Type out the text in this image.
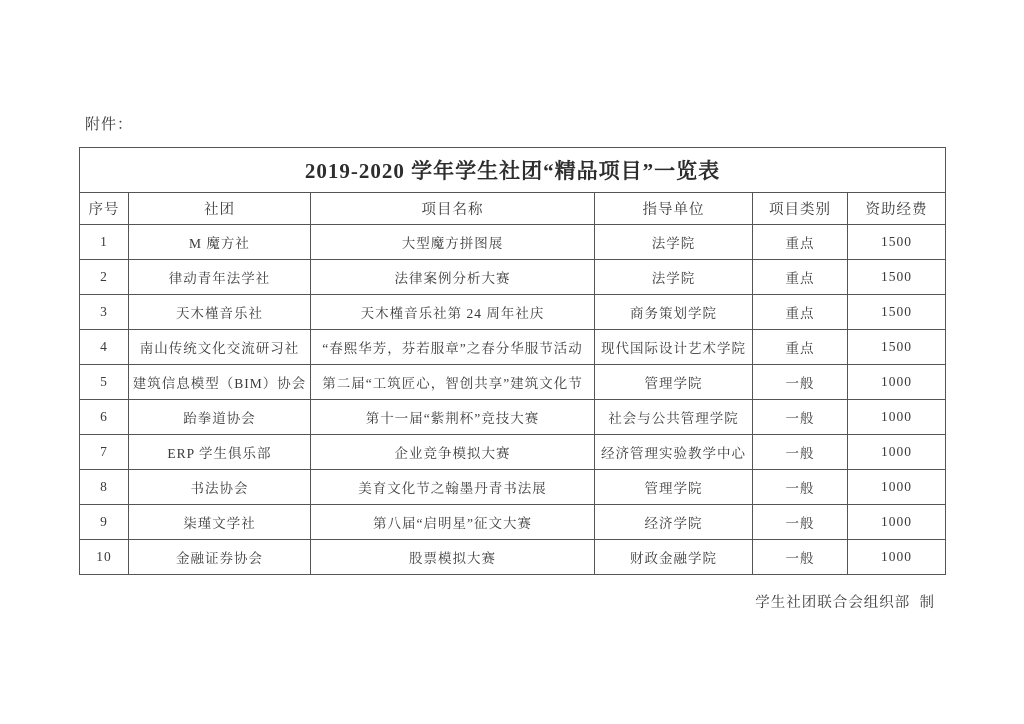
附件：
2019-2020 学年学生社团“精品项目”一览表					
序号	社团	项目名称	指导单位	项目类别	资助经费
1	M 魔方社	大型魔方拼图展	法学院	重点	1500
2	律动青年法学社	法律案例分析大赛	法学院	重点	1500
3	天木槿音乐社	天木槿音乐社第 24 周年社庆	商务策划学院	重点	1500
4	南山传统文化交流研习社	“春熙华芳，芬若服章”之春分华服节活动	现代国际设计艺术学院	重点	1500
5	建筑信息模型（BIM）协会	第二届“工筑匠心，智创共享”建筑文化节	管理学院	一般	1000
6	跆拳道协会	第十一届“紫荆杯”竞技大赛	社会与公共管理学院	一般	1000
7	ERP 学生俱乐部	企业竞争模拟大赛	经济管理实验教学中心	一般	1000
8	书法协会	美育文化节之翰墨丹青书法展	管理学院	一般	1000
9	柒瑾文学社	第八届“启明星”征文大赛	经济学院	一般	1000
10	金融证券协会	股票模拟大赛	财政金融学院	一般	1000
学生社团联合会组织部  制
